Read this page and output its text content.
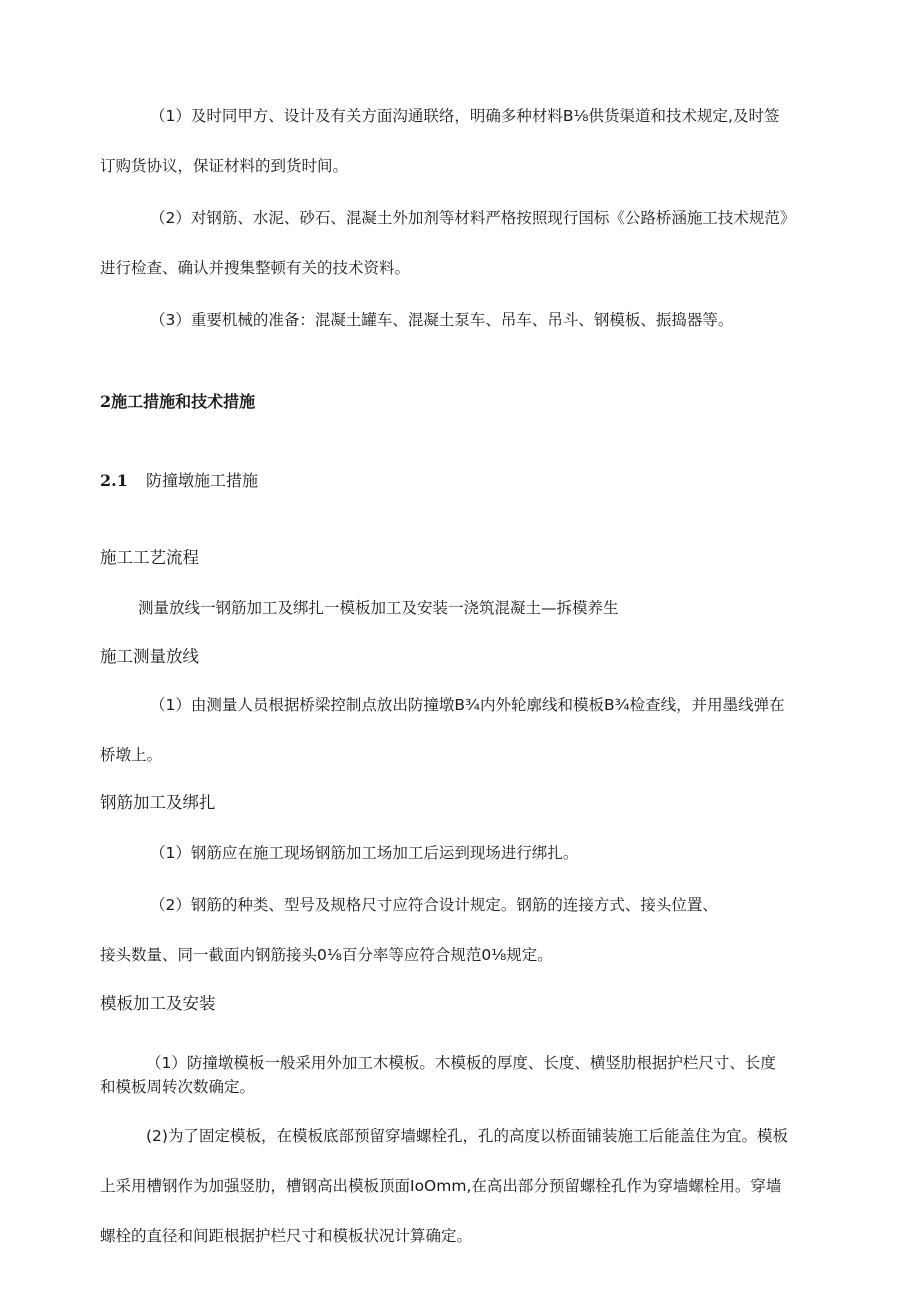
（1）及时同甲方、设计及有关方面沟通联络，明确多种材料B⅛供货渠道和技术规定,及时签
订购货协议，保证材料的到货时间。
（2）对钢筋、水泥、砂石、混凝土外加剂等材料严格按照现行国标《公路桥涵施工技术规范》
进行检查、确认并搜集整顿有关的技术资料。
（3）重要机械的准备：混凝土罐车、混凝土泵车、吊车、吊斗、钢模板、振捣器等。
2施工措施和技术措施
2.1 防撞墩施工措施
施工工艺流程
测量放线一钢筋加工及绑扎一模板加工及安装一浇筑混凝土—拆模养生
施工测量放线
（1）由测量人员根据桥梁控制点放出防撞墩B¾内外轮廓线和模板B¾检查线，并用墨线弹在
桥墩上。
钢筋加工及绑扎
（1）钢筋应在施工现场钢筋加工场加工后运到现场进行绑扎。
（2）钢筋的种类、型号及规格尺寸应符合设计规定。钢筋的连接方式、接头位置、
接头数量、同一截面内钢筋接头0⅛百分率等应符合规范0⅛规定。
模板加工及安装
（1）防撞墩模板一般采用外加工木模板。木模板的厚度、长度、横竖肋根据护栏尺寸、长度
和模板周转次数确定。
(2)为了固定模板，在模板底部预留穿墙螺栓孔，孔的高度以桥面铺装施工后能盖住为宜。模板
上采用槽钢作为加强竖肋，槽钢高出模板顶面IoOmm,在高出部分预留螺栓孔作为穿墙螺栓用。穿墙
螺栓的直径和间距根据护栏尺寸和模板状况计算确定。
